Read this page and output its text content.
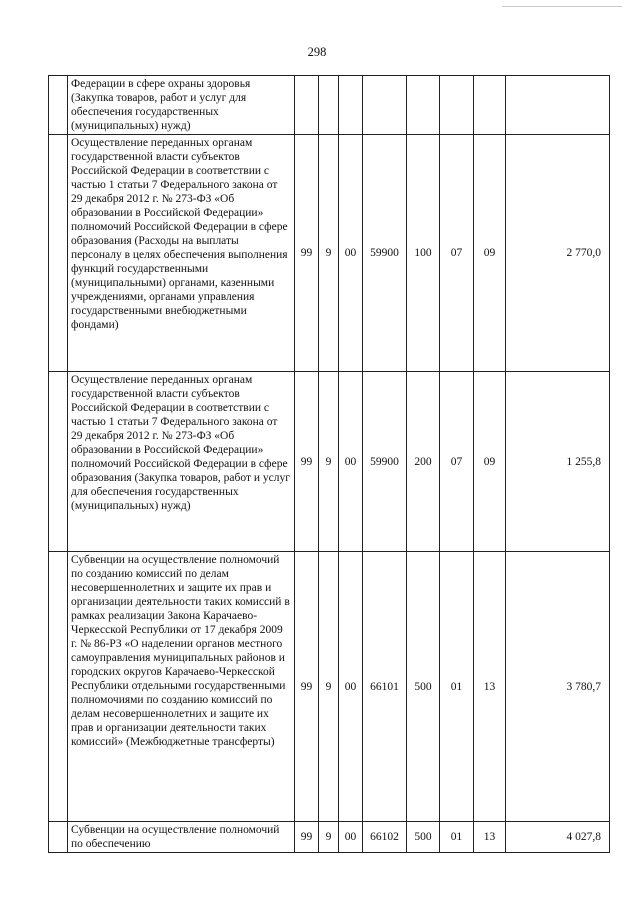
298
	Федерации в сфере охраны здоровья (Закупка товаров, работ и услуг для обеспечения государственных (муниципальных) нужд)								
	Осуществление переданных органам государственной власти субъектов Российской Федерации в соответствии с частью 1 статьи 7 Федерального закона от 29 декабря 2012 г. № 273-ФЗ «Об образовании в Российской Федерации» полномочий Российской Федерации в сфере образования (Расходы на выплаты персоналу в целях обеспечения выполнения функций государственными (муниципальными) органами, казенными учреждениями, органами управления государственными внебюджетными фондами)	99	9	00	59900	100	07	09	2 770,0
	Осуществление переданных органам государственной власти субъектов Российской Федерации в соответствии с частью 1 статьи 7 Федерального закона от 29 декабря 2012 г. № 273-ФЗ «Об образовании в Российской Федерации» полномочий Российской Федерации в сфере образования (Закупка товаров, работ и услуг для обеспечения государственных (муниципальных) нужд)	99	9	00	59900	200	07	09	1 255,8
	Субвенции на осуществление полномочий по созданию комиссий по делам несовершеннолетних и защите их прав и организации деятельности таких комиссий в рамках реализации Закона Карачаево-Черкесской Республики от 17 декабря 2009 г. № 86-РЗ «О наделении органов местного самоуправления муниципальных районов и городских округов Карачаево-Черкесской Республики отдельными государственными полномочиями по созданию комиссий по делам несовершеннолетних и защите их прав и организации деятельности таких комиссий» (Межбюджетные трансферты)	99	9	00	66101	500	01	13	3 780,7
	Субвенции на осуществление полномочий по обеспечению	99	9	00	66102	500	01	13	4 027,8
